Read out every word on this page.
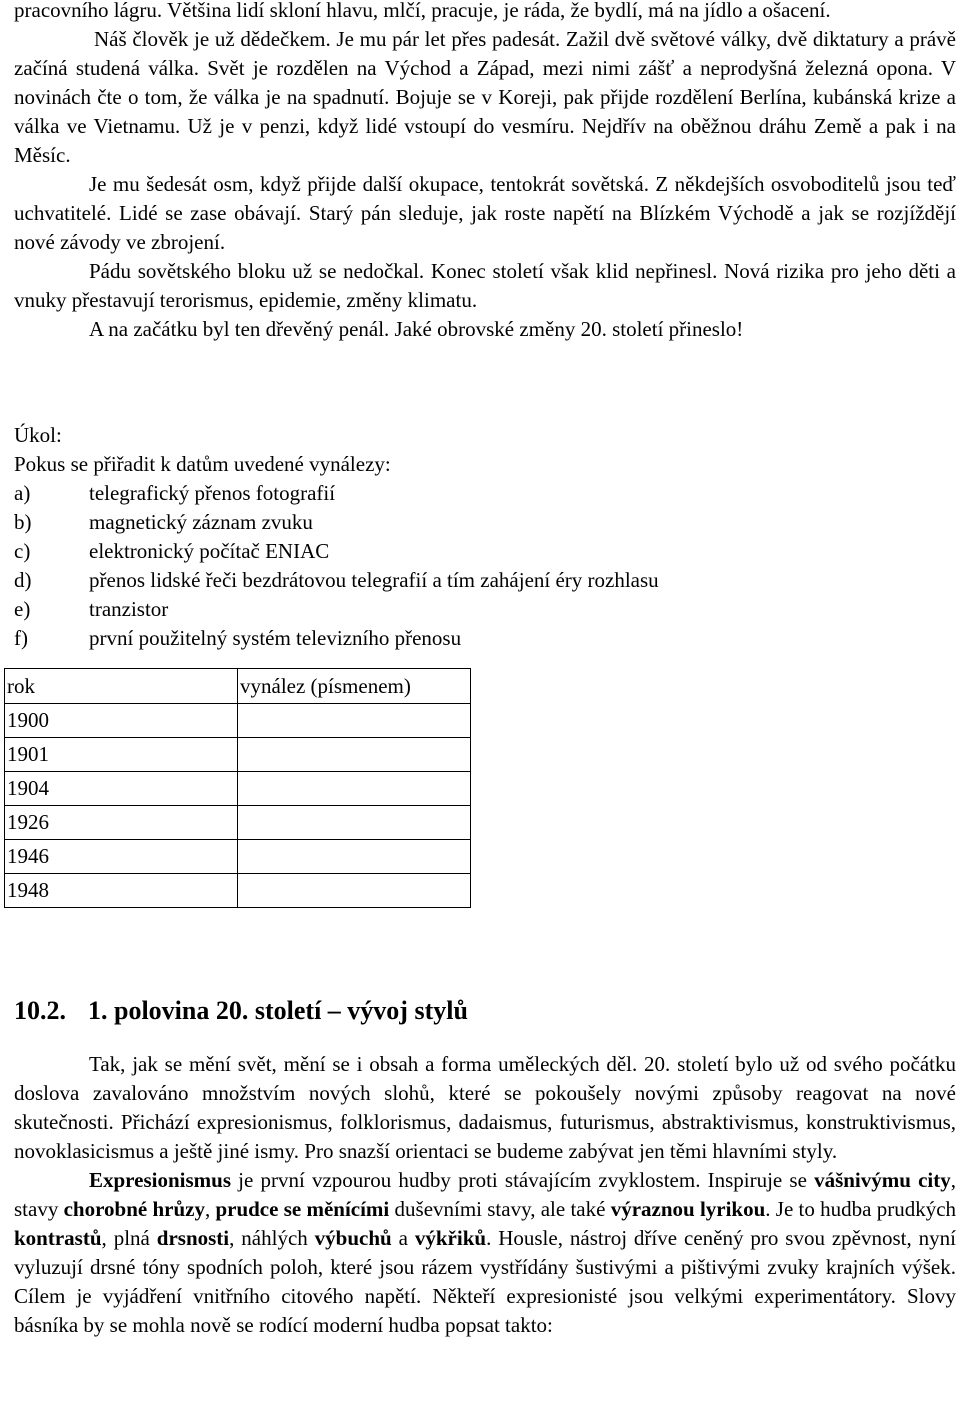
pracovního lágru. Většina lidí skloní hlavu, mlčí, pracuje, je ráda, že bydlí, má na jídlo a ošacení.

Náš člověk je už dědečkem. Je mu pár let přes padesát. Zažil dvě světové války, dvě diktatury a právě začíná studená válka. Svět je rozdělen na Východ a Západ, mezi nimi zášť a neprodyšná železná opona. V novinách čte o tom, že válka je na spadnutí. Bojuje se v Koreji, pak přijde rozdělení Berlína, kubánská krize a válka ve Vietnamu. Už je v penzi, když lidé vstoupí do vesmíru. Nejdřív na oběžnou dráhu Země a pak i na Měsíc.

Je mu šedesát osm, když přijde další okupace, tentokrát sovětská. Z někdejších osvoboditelů jsou teď uchvatitelé. Lidé se zase obávají. Starý pán sleduje, jak roste napětí na Blízkém Východě a jak se rozjíždějí nové závody ve zbrojení.

Pádu sovětského bloku už se nedočkal. Konec století však klid nepřinesl. Nová rizika pro jeho děti a vnuky přestavují terorismus, epidemie, změny klimatu.

A na začátku byl ten dřevěný penál. Jaké obrovské změny 20. století přineslo!

Úkol:

Pokus se přiřadit k datům uvedené vynálezy:

a)	telegrafický přenos fotografií
b)	magnetický záznam zvuku
c)	elektronický počítač ENIAC
d)	přenos lidské řeči bezdrátovou telegrafií a tím zahájení éry rozhlasu
e)	tranzistor
f)	první použitelný systém televizního přenosu
rok	vynález (písmenem)
1900	
1901	
1904	
1926	
1946	
1948	
10.2. 1. polovina 20. století – vývoj stylů

Tak, jak se mění svět, mění se i obsah a forma uměleckých děl. 20. století bylo už od svého počátku doslova zavalováno množstvím nových slohů, které se pokoušely novými způsoby reagovat na nové skutečnosti. Přichází expresionismus, folklorismus, dadaismus, futurismus, abstraktivismus, konstruktivismus, novoklasicismus a ještě jiné ismy. Pro snazší orientaci se budeme zabývat jen těmi hlavními styly.

Expresionismus je první vzpourou hudby proti stávajícím zvyklostem. Inspiruje se vášnivýmu city, stavy chorobné hrůzy, prudce se měnícími duševními stavy, ale také výraznou lyrikou. Je to hudba prudkých kontrastů, plná drsnosti, náhlých výbuchů a výkřiků. Housle, nástroj dříve ceněný pro svou zpěvnost, nyní vyluzují drsné tóny spodních poloh, které jsou rázem vystřídány šustivými a pištivými zvuky krajních výšek. Cílem je vyjádření vnitřního citového napětí. Někteří expresionisté jsou velkými experimentátory. Slovy básníka by se mohla nově se rodící moderní hudba popsat takto:
